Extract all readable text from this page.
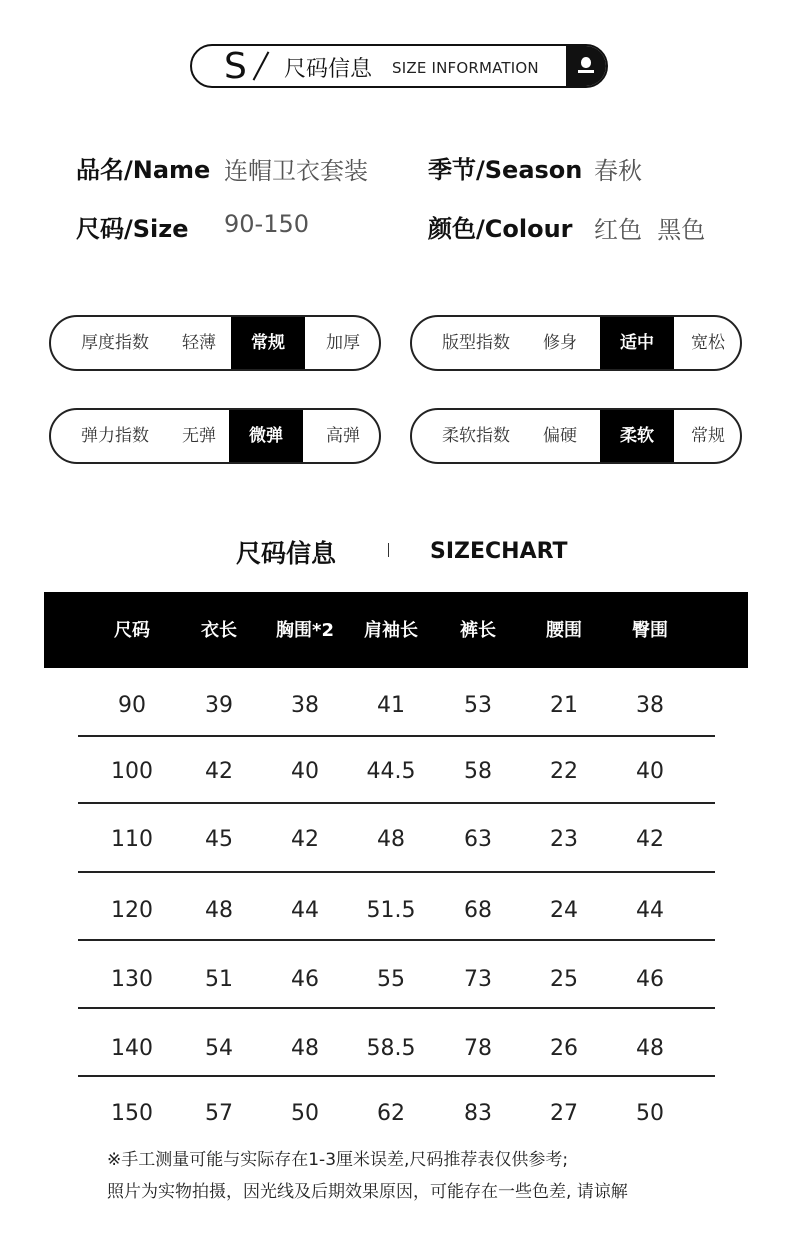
S 尺码信息 SIZE INFORMATION
品名/Name 连帽卫衣套装	季节/Season 春秋
尺码/Size 90-150	颜色/Colour 红色  黑色
厚度指数	轻薄	常规	加厚	版型指数	修身	适中	宽松
弹力指数	无弹	微弹	高弹	柔软指数	偏硬	柔软	常规
尺码信息	SIZECHART
尺码	衣长	胸围*2	肩袖长	裤长	腰围	臀围
90	39	38	41	53	21	38
100	42	40	44.5	58	22	40
110	45	42	48	63	23	42
120	48	44	51.5	68	24	44
130	51	46	55	73	25	46
140	54	48	58.5	78	26	48
150	57	50	62	83	27	50
※手工测量可能与实际存在1-3厘米误差,尺码推荐表仅供参考;
照片为实物拍摄，因光线及后期效果原因，可能存在一些色差, 请谅解
